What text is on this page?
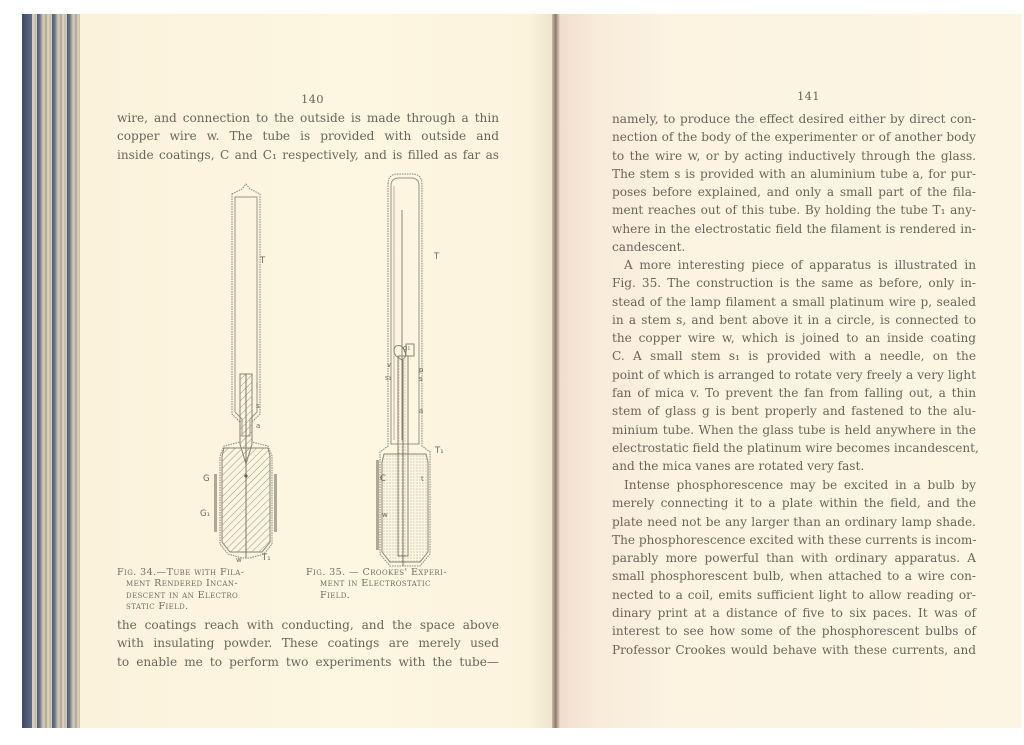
140
wire, and connection to the outside is made through a thin
copper wire w. The tube is provided with outside and
inside coatings, C and C₁ respectively, and is filled as far as
T
l
s
a
G
G₁
w T₁
T
g₁
v
p
s₁	s
a
T₁
C	t
w
Fig. 34.—Tube with Fila-
ment Rendered Incan-
descent in an Electro
static Field.
Fig. 35. — Crookes' Experi-
ment in Electrostatic
Field.
the coatings reach with conducting, and the space above
with insulating powder. These coatings are merely used
to enable me to perform two experiments with the tube—
141
namely, to produce the effect desired either by direct con-
nection of the body of the experimenter or of another body
to the wire w, or by acting inductively through the glass.
The stem s is provided with an aluminium tube a, for pur-
poses before explained, and only a small part of the fila-
ment reaches out of this tube. By holding the tube T₁ any-
where in the electrostatic field the filament is rendered in-
candescent.
A more interesting piece of apparatus is illustrated in
Fig. 35. The construction is the same as before, only in-
stead of the lamp filament a small platinum wire p, sealed
in a stem s, and bent above it in a circle, is connected to
the copper wire w, which is joined to an inside coating
C. A small stem s₁ is provided with a needle, on the
point of which is arranged to rotate very freely a very light
fan of mica v. To prevent the fan from falling out, a thin
stem of glass g is bent properly and fastened to the alu-
minium tube. When the glass tube is held anywhere in the
electrostatic field the platinum wire becomes incandescent,
and the mica vanes are rotated very fast.
Intense phosphorescence may be excited in a bulb by
merely connecting it to a plate within the field, and the
plate need not be any larger than an ordinary lamp shade.
The phosphorescence excited with these currents is incom-
parably more powerful than with ordinary apparatus. A
small phosphorescent bulb, when attached to a wire con-
nected to a coil, emits sufficient light to allow reading or-
dinary print at a distance of five to six paces. It was of
interest to see how some of the phosphorescent bulbs of
Professor Crookes would behave with these currents, and
